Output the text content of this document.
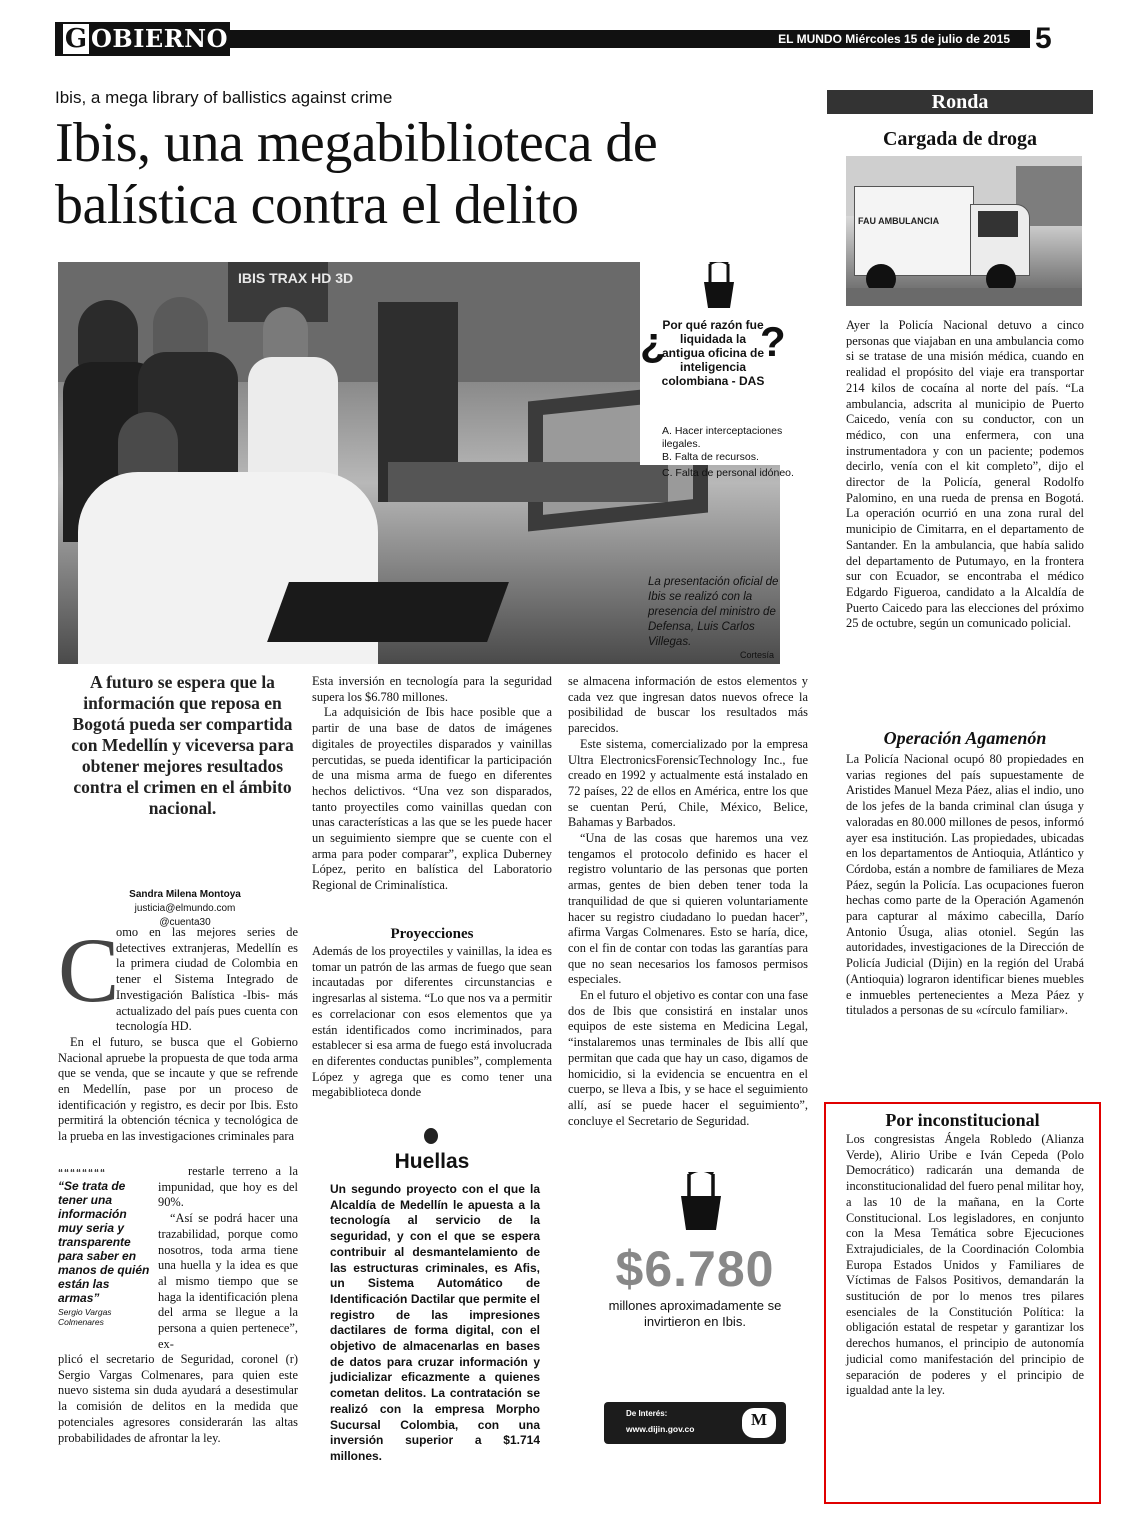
G OBIERNO	EL MUNDO Miércoles 15 de julio de 2015 5
Ibis, a mega library of ballistics against crime
Ibis, una megabiblioteca de balística contra el delito
IBIS TRAX HD 3D
Cortesía
¿
Por qué razón fue liquidada la antigua oficina de inteligencia colombiana - DAS
?
A. Hacer interceptaciones ilegales.
B. Falta de recursos.
C. Falta de personal idóneo.
La presentación oficial de Ibis se realizó con la presencia del ministro de Defensa, Luis Carlos Villegas.
A futuro se espera que la información que reposa en Bogotá pueda ser compartida con Medellín y viceversa para obtener mejores resultados contra el crimen en el ámbito nacional.
Sandra Milena Montoya
justicia@elmundo.com
@cuenta30
C

omo en las mejores series de detectives extranjeras, Medellín es la primera ciudad de Colombia en tener el Sistema Integrado de Investigación Balística -Ibis- más actualizado del país pues cuenta con tecnología HD.

En el futuro, se busca que el Gobierno Nacional apruebe la propuesta de que toda arma que se venda, que se incaute y que se refrende en Medellín, pase por un proceso de identificación y registro, es decir por Ibis. Esto permitirá la obtención técnica y tecnológica de la prueba en las investigaciones criminales para

““““““““
“Se trata de tener una información muy seria y transparente para saber en manos de quién están las armas”
Sergio Vargas Colmenares

restarle terreno a la impunidad, que hoy es del 90%.

“Así se podrá hacer una trazabilidad, porque como nosotros, toda arma tiene una huella y la idea es que al mismo tiempo que se haga la identificación plena del arma se llegue a la persona a quien pertenece”, ex-

plicó el secretario de Seguridad, coronel (r) Sergio Vargas Colmenares, para quien este nuevo sistema sin duda ayudará a desestimular la comisión de delitos en la medida que potenciales agresores considerarán las altas probabilidades de afrontar la ley.

Esta inversión en tecnología para la seguridad supera los $6.780 millones.

La adquisición de Ibis hace posible que a partir de una base de datos de imágenes digitales de proyectiles disparados y vainillas percutidas, se pueda identificar la participación de una misma arma de fuego en diferentes hechos delictivos. “Una vez son disparados, tanto proyectiles como vainillas quedan con unas características a las que se les puede hacer un seguimiento siempre que se cuente con el arma para poder comparar”, explica Duberney López, perito en balística del Laboratorio Regional de Criminalística.

Proyecciones

Además de los proyectiles y vainillas, la idea es tomar un patrón de las armas de fuego que sean incautadas por diferentes circunstancias e ingresarlas al sistema. “Lo que nos va a permitir es correlacionar con esos elementos que ya están identificados como incriminados, para establecer si esa arma de fuego está involucrada en diferentes conductas punibles”, complementa López y agrega que es como tener una megabiblioteca donde

Huellas
Un segundo proyecto con el que la Alcaldía de Medellín le apuesta a la tecnología al servicio de la seguridad, y con el que se espera contribuir al desmantelamiento de las estructuras criminales, es Afis, un Sistema Automático de Identificación Dactilar que permite el registro de las impresiones dactilares de forma digital, con el objetivo de almacenarlas en bases de datos para cruzar información y judicializar eficazmente a quienes cometan delitos. La contratación se realizó con la empresa Morpho Sucursal Colombia, con una inversión superior a $1.714 millones.

se almacena información de estos elementos y cada vez que ingresan datos nuevos ofrece la posibilidad de buscar los resultados más parecidos.

Este sistema, comercializado por la empresa Ultra ElectronicsForensicTechnology Inc., fue creado en 1992 y actualmente está instalado en 72 países, 22 de ellos en América, entre los que se cuentan Perú, Chile, México, Belice, Bahamas y Barbados.

“Una de las cosas que haremos una vez tengamos el protocolo definido es hacer el registro voluntario de las personas que porten armas, gentes de bien deben tener toda la tranquilidad de que si quieren voluntariamente hacer su registro ciudadano lo puedan hacer”, afirma Vargas Colmenares. Esto se haría, dice, con el fin de contar con todas las garantías para que no sean necesarios los famosos permisos especiales.

En el futuro el objetivo es contar con una fase dos de Ibis que consistirá en instalar unos equipos de este sistema en Medicina Legal, “instalaremos unas terminales de Ibis allí que permitan que cada que hay un caso, digamos de homicidio, si la evidencia se encuentra en el cuerpo, se lleva a Ibis, y se hace el seguimiento allí, así se puede hacer el seguimiento”, concluye el Secretario de Seguridad.

$6.780
millones aproximadamente se invirtieron en Ibis.
De Interés:
www.dijin.gov.co	M
Ronda
Cargada de droga
FAU AMBULANCIA
Ayer la Policía Nacional detuvo a cinco personas que viajaban en una ambulancia como si se tratase de una misión médica, cuando en realidad el propósito del viaje era transportar 214 kilos de cocaína al norte del país. “La ambulancia, adscrita al municipio de Puerto Caicedo, venía con su conductor, con un médico, con una enfermera, con una instrumentadora y con un paciente; podemos decirlo, venía con el kit completo”, dijo el director de la Policía, general Rodolfo Palomino, en una rueda de prensa en Bogotá. La operación ocurrió en una zona rural del municipio de Cimitarra, en el departamento de Santander. En la ambulancia, que había salido del departamento de Putumayo, en la frontera sur con Ecuador, se encontraba el médico Edgardo Figueroa, candidato a la Alcaldía de Puerto Caicedo para las elecciones del próximo 25 de octubre, según un comunicado policial.
Operación Agamenón
La Policía Nacional ocupó 80 propiedades en varias regiones del país supuestamente de Aristides Manuel Meza Páez, alias el indio, uno de los jefes de la banda criminal clan úsuga y valoradas en 80.000 millones de pesos, informó ayer esa institución. Las propiedades, ubicadas en los departamentos de Antioquia, Atlántico y Córdoba, están a nombre de familiares de Meza Páez, según la Policía. Las ocupaciones fueron hechas como parte de la Operación Agamenón para capturar al máximo cabecilla, Darío Antonio Úsuga, alias otoniel. Según las autoridades, investigaciones de la Dirección de Policía Judicial (Dijin) en la región del Urabá (Antioquia) lograron identificar bienes muebles e inmuebles pertenecientes a Meza Páez y titulados a personas de su «círculo familiar».
Por inconstitucional
Los congresistas Ángela Robledo (Alianza Verde), Alirio Uribe e Iván Cepeda (Polo Democrático) radicarán una demanda de inconstitucionalidad del fuero penal militar hoy, a las 10 de la mañana, en la Corte Constitucional. Los legisladores, en conjunto con la Mesa Temática sobre Ejecuciones Extrajudiciales, de la Coordinación Colombia Europa Estados Unidos y Familiares de Víctimas de Falsos Positivos, demandarán la sustitución de por lo menos tres pilares esenciales de la Constitución Política: la obligación estatal de respetar y garantizar los derechos humanos, el principio de autonomía judicial como manifestación del principio de separación de poderes y el principio de igualdad ante la ley.
